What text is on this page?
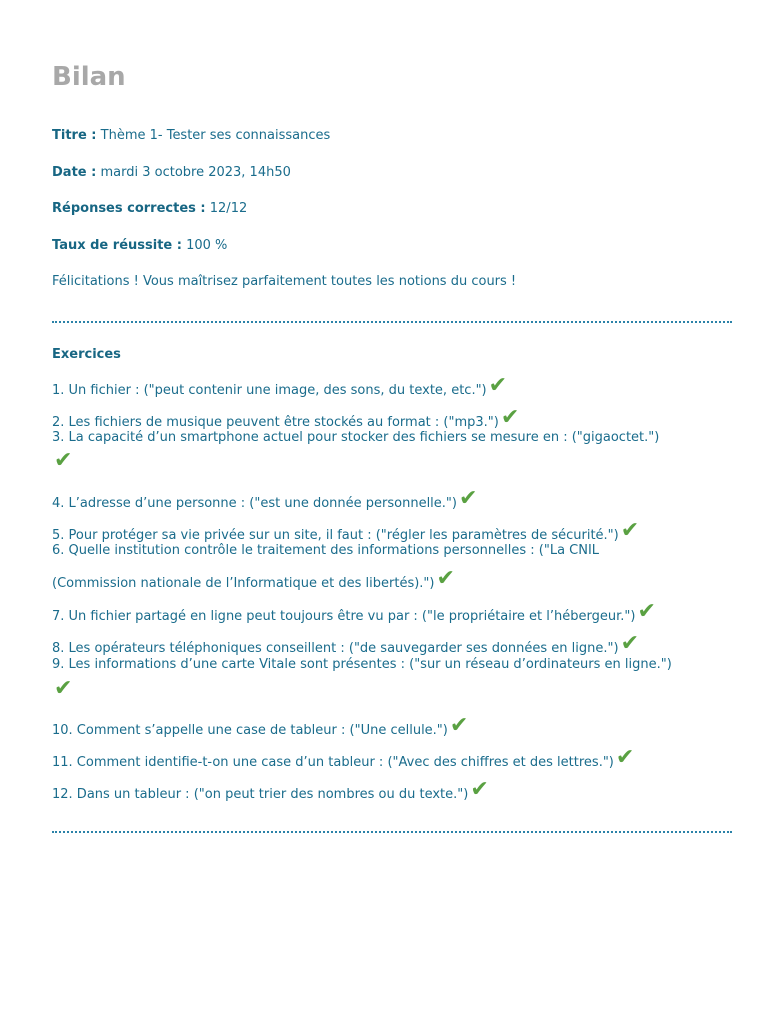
Bilan
Titre : Thème 1- Tester ses connaissances
Date : mardi 3 octobre 2023, 14h50
Réponses correctes : 12/12
Taux de réussite : 100 %
Félicitations ! Vous maîtrisez parfaitement toutes les notions du cours !
Exercices
1. Un fichier : ("peut contenir une image, des sons, du texte, etc.")✔
2. Les fichiers de musique peuvent être stockés au format : ("mp3.")✔
3. La capacité d’un smartphone actuel pour stocker des fichiers se mesure en : ("gigaoctet.")
✔
4. L’adresse d’une personne : ("est une donnée personnelle.")✔
5. Pour protéger sa vie privée sur un site, il faut : ("régler les paramètres de sécurité.")✔
6. Quelle institution contrôle le traitement des informations personnelles : ("La CNIL
(Commission nationale de l’Informatique et des libertés).")✔
7. Un fichier partagé en ligne peut toujours être vu par : ("le propriétaire et l’hébergeur.")✔
8. Les opérateurs téléphoniques conseillent : ("de sauvegarder ses données en ligne.")✔
9. Les informations d’une carte Vitale sont présentes : ("sur un réseau d’ordinateurs en ligne.")
✔
10. Comment s’appelle une case de tableur : ("Une cellule.")✔
11. Comment identifie-t-on une case d’un tableur : ("Avec des chiffres et des lettres.")✔
12. Dans un tableur : ("on peut trier des nombres ou du texte.")✔
